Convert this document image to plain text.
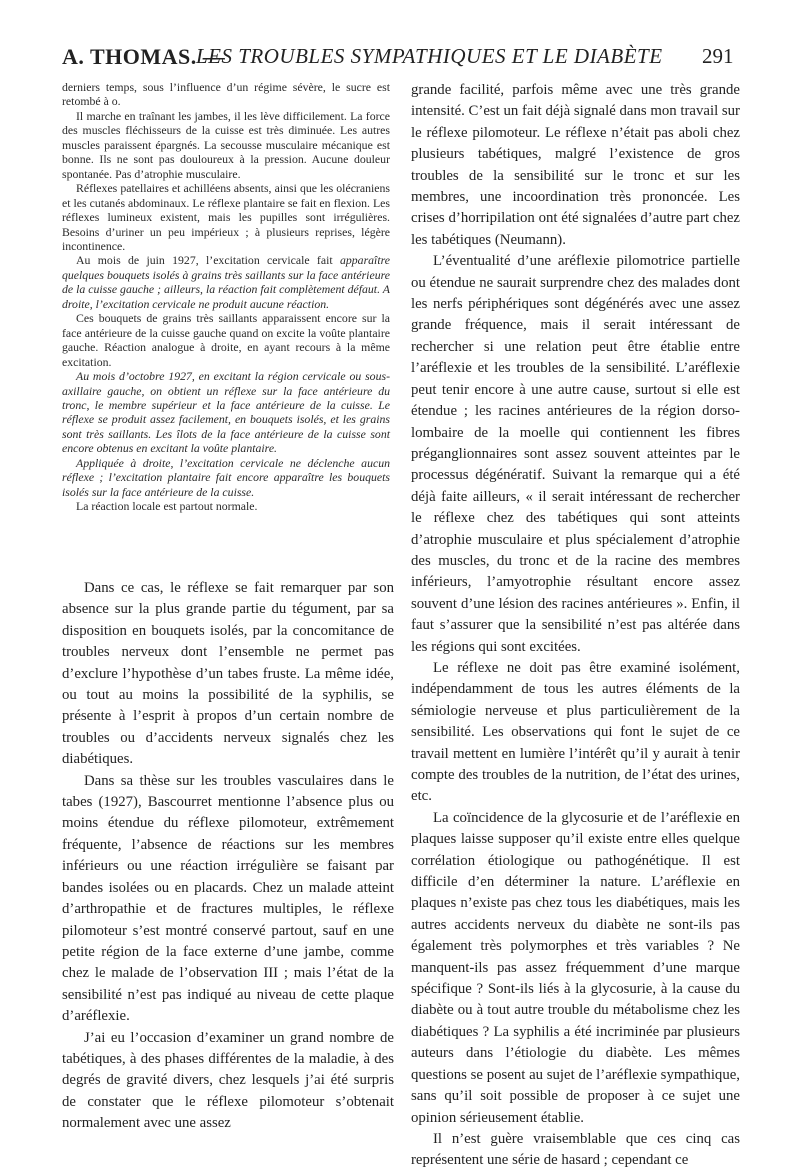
A. THOMAS. —
LES TROUBLES SYMPATHIQUES ET LE DIABÈTE 291

derniers temps, sous l’influence d’un régime sévère, le sucre est retombé à o.

Il marche en traînant les jambes, il les lève difficilement. La force des muscles fléchisseurs de la cuisse est très diminuée. Les autres muscles paraissent épargnés. La secousse musculaire mécanique est bonne. Ils ne sont pas douloureux à la pression. Aucune douleur spontanée. Pas d’atrophie musculaire.

Réflexes patellaires et achilléens absents, ainsi que les olécraniens et les cutanés abdominaux. Le réflexe plantaire se fait en flexion. Les réflexes lumineux existent, mais les pupilles sont irrégulières. Besoins d’uriner un peu impérieux ; à plusieurs reprises, légère incontinence.

Au mois de juin 1927, l’excitation cervicale fait apparaître quelques bouquets isolés à grains très saillants sur la face antérieure de la cuisse gauche ; ailleurs, la réaction fait complètement défaut. A droite, l’excitation cervicale ne produit aucune réaction.

Ces bouquets de grains très saillants apparaissent encore sur la face antérieure de la cuisse gauche quand on excite la voûte plantaire gauche. Réaction analogue à droite, en ayant recours à la même excitation.

Au mois d’octobre 1927, en excitant la région cervicale ou sous-axillaire gauche, on obtient un réflexe sur la face antérieure du tronc, le membre supérieur et la face antérieure de la cuisse. Le réflexe se produit assez facilement, en bouquets isolés, et les grains sont très saillants. Les îlots de la face antérieure de la cuisse sont encore obtenus en excitant la voûte plantaire.

Appliquée à droite, l’excitation cervicale ne déclenche aucun réflexe ; l’excitation plantaire fait encore apparaître les bouquets isolés sur la face antérieure de la cuisse.

La réaction locale est partout normale.

Dans ce cas, le réflexe se fait remarquer par son absence sur la plus grande partie du tégument, par sa disposition en bouquets isolés, par la concomitance de troubles nerveux dont l’ensemble ne permet pas d’exclure l’hypothèse d’un tabes fruste. La même idée, ou tout au moins la possibilité de la syphilis, se présente à l’esprit à propos d’un certain nombre de troubles ou d’accidents nerveux signalés chez les diabétiques.

Dans sa thèse sur les troubles vasculaires dans le tabes (1927), Bascourret mentionne l’absence plus ou moins étendue du réflexe pilomoteur, extrêmement fréquente, l’absence de réactions sur les membres inférieurs ou une réaction irrégulière se faisant par bandes isolées ou en placards. Chez un malade atteint d’arthropathie et de fractures multiples, le réflexe pilomoteur s’est montré conservé partout, sauf en une petite région de la face externe d’une jambe, comme chez le malade de l’observation III ; mais l’état de la sensibilité n’est pas indiqué au niveau de cette plaque d’aréflexie.

J’ai eu l’occasion d’examiner un grand nombre de tabétiques, à des phases différentes de la maladie, à des degrés de gravité divers, chez lesquels j’ai été surpris de constater que le réflexe pilomoteur s’obtenait normalement avec une assez

grande facilité, parfois même avec une très grande intensité. C’est un fait déjà signalé dans mon travail sur le réflexe pilomoteur. Le réflexe n’était pas aboli chez plusieurs tabétiques, malgré l’existence de gros troubles de la sensibilité sur le tronc et sur les membres, une incoordination très prononcée. Les crises d’horripilation ont été signalées d’autre part chez les tabétiques (Neumann).

L’éventualité d’une aréflexie pilomotrice partielle ou étendue ne saurait surprendre chez des malades dont les nerfs périphériques sont dégénérés avec une assez grande fréquence, mais il serait intéressant de rechercher si une relation peut être établie entre l’aréflexie et les troubles de la sensibilité. L’aréflexie peut tenir encore à une autre cause, surtout si elle est étendue ; les racines antérieures de la région dorso-lombaire de la moelle qui contiennent les fibres préganglionnaires sont assez souvent atteintes par le processus dégénératif. Suivant la remarque qui a été déjà faite ailleurs, « il serait intéressant de rechercher le réflexe chez des tabétiques qui sont atteints d’atrophie musculaire et plus spécialement d’atrophie des muscles, du tronc et de la racine des membres inférieurs, l’amyotrophie résultant encore assez souvent d’une lésion des racines antérieures ». Enfin, il faut s’assurer que la sensibilité n’est pas altérée dans les régions qui sont excitées.

Le réflexe ne doit pas être examiné isolément, indépendamment de tous les autres éléments de la sémiologie nerveuse et plus particulièrement de la sensibilité. Les observations qui font le sujet de ce travail mettent en lumière l’intérêt qu’il y aurait à tenir compte des troubles de la nutrition, de l’état des urines, etc.

La coïncidence de la glycosurie et de l’aréflexie en plaques laisse supposer qu’il existe entre elles quelque corrélation étiologique ou pathogénétique. Il est difficile d’en déterminer la nature. L’aréflexie en plaques n’existe pas chez tous les diabétiques, mais les autres accidents nerveux du diabète ne sont-ils pas également très polymorphes et très variables ? Ne manquent-ils pas assez fréquemment d’une marque spécifique ? Sont-ils liés à la glycosurie, à la cause du diabète ou à tout autre trouble du métabolisme chez les diabétiques ? La syphilis a été incriminée par plusieurs auteurs dans l’étiologie du diabète. Les mêmes questions se posent au sujet de l’aréflexie sympathique, sans qu’il soit possible de proposer à ce sujet une opinion sérieusement établie.

Il n’est guère vraisemblable que ces cinq cas représentent une série de hasard ; cependant ce
